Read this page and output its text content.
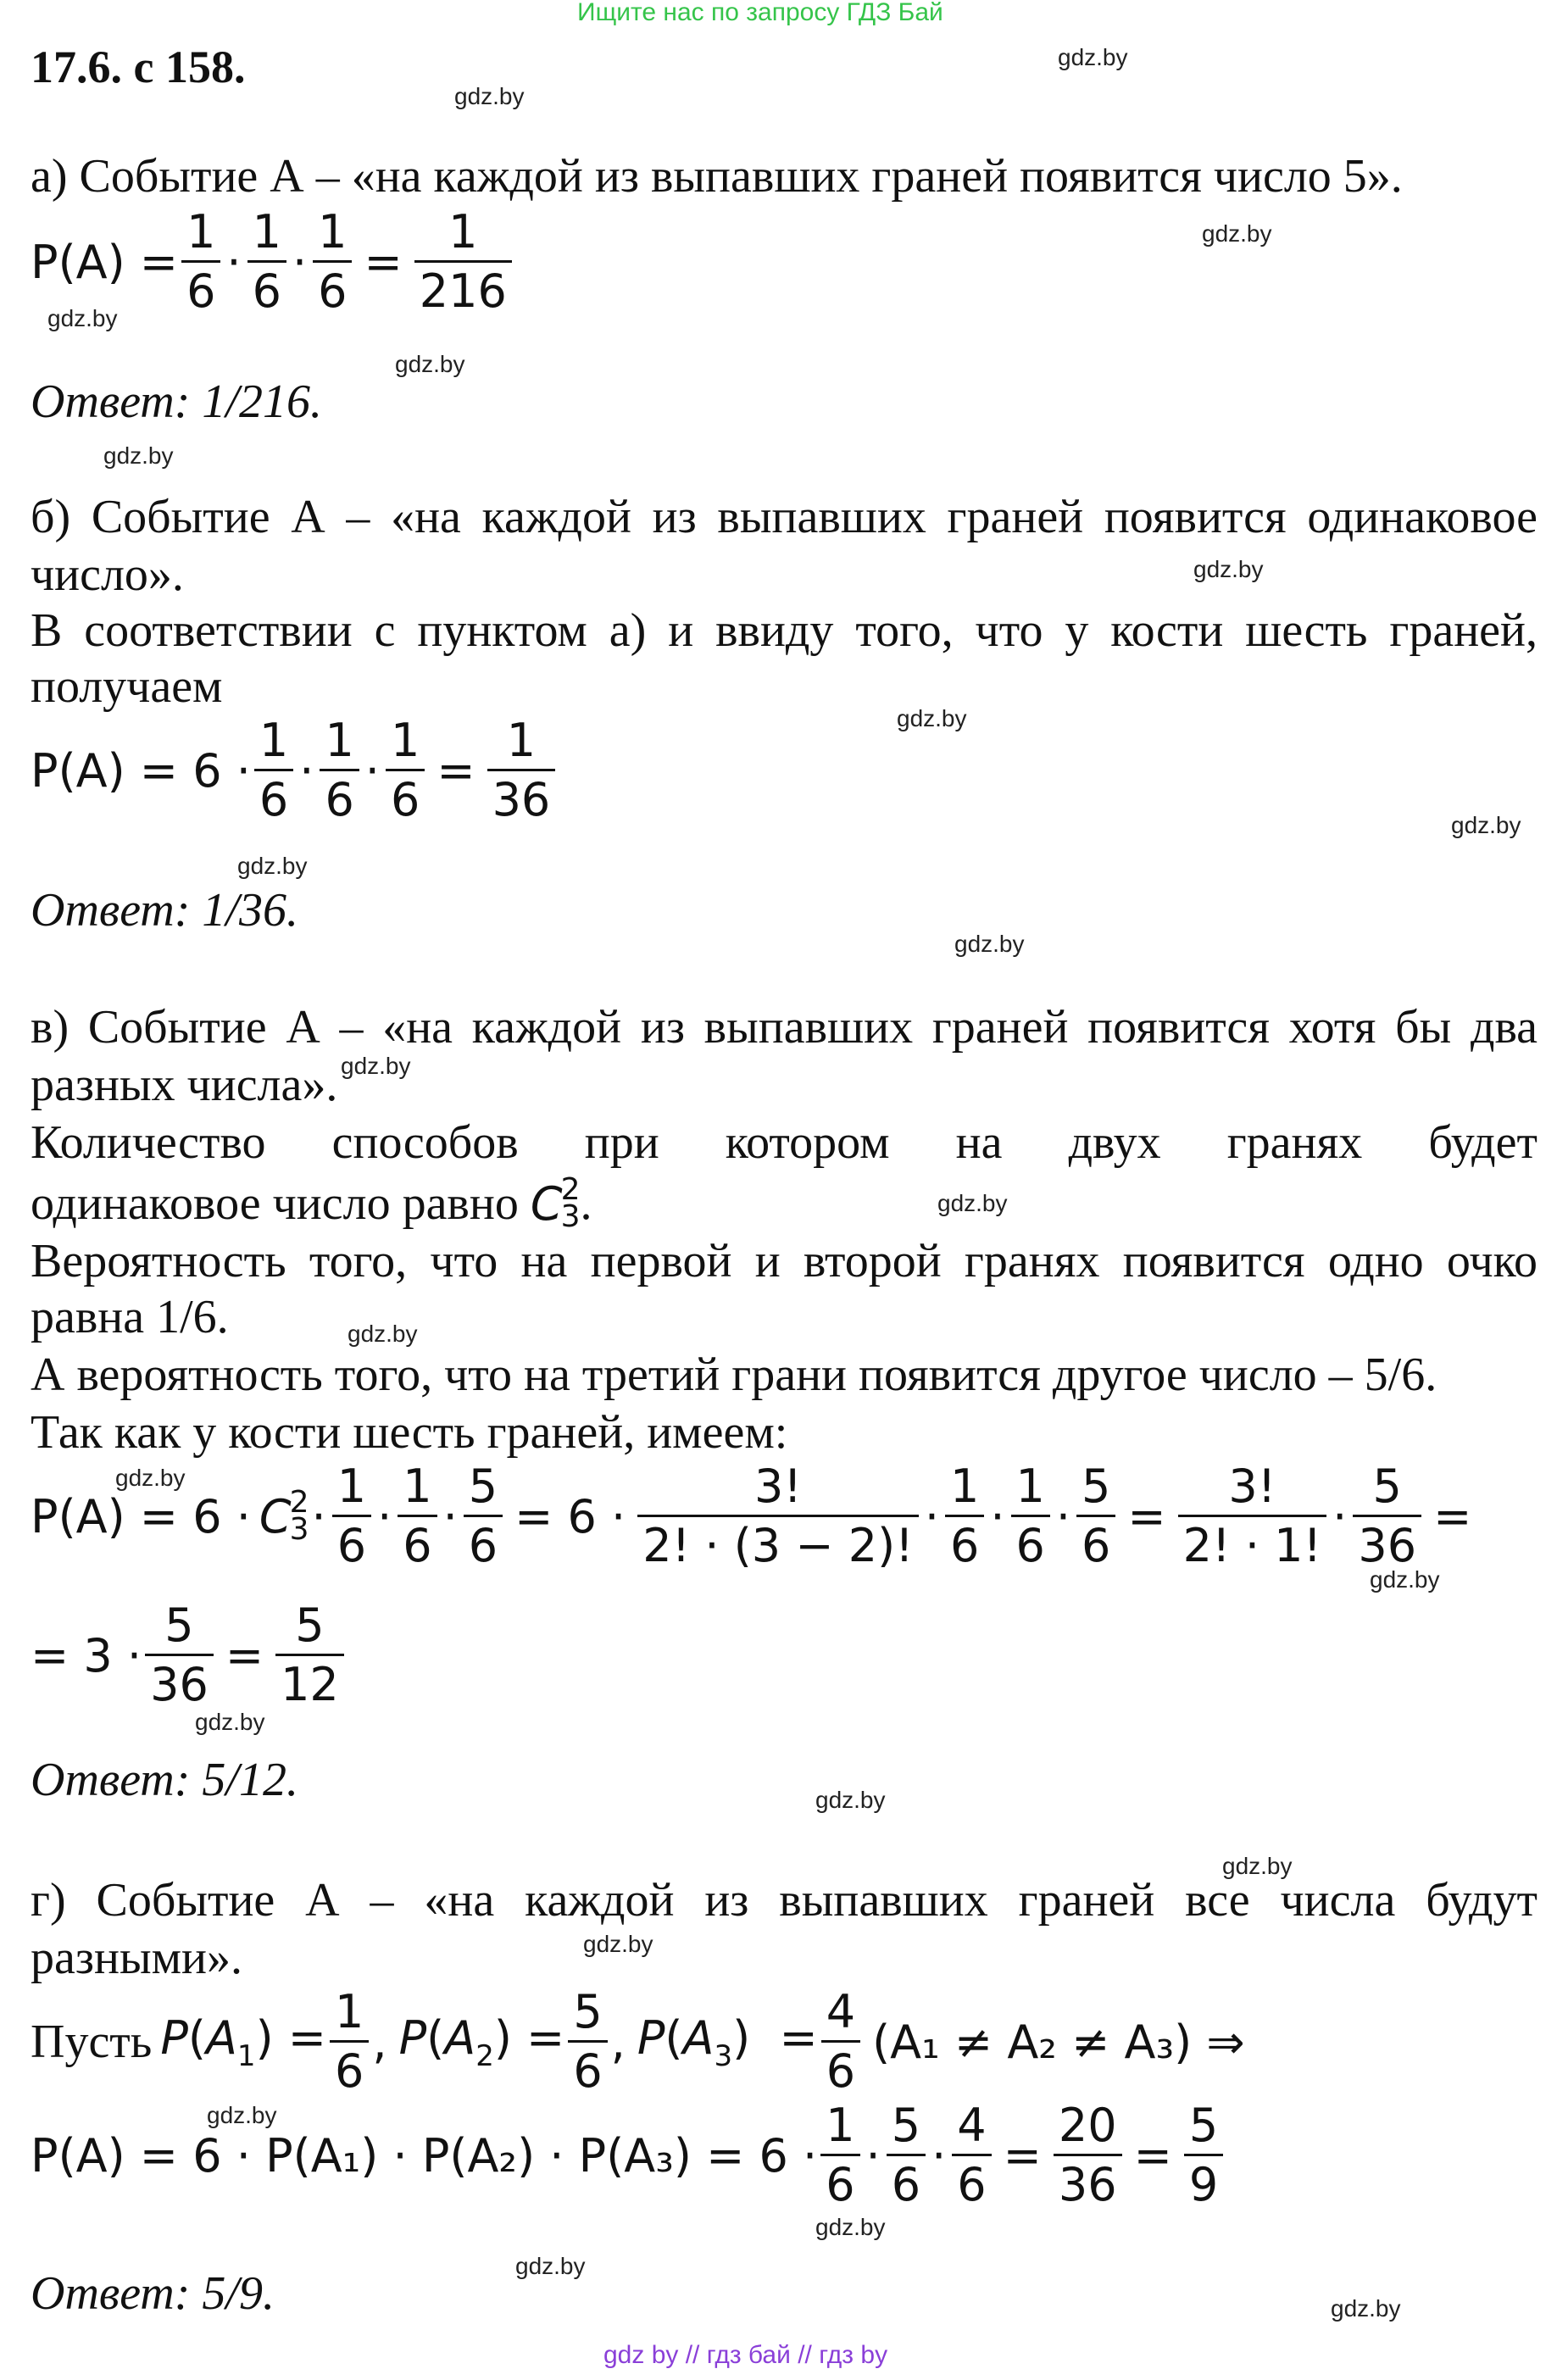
Ищите нас по запросу ГДЗ Бай
17.6. с 158.	gdz.by
gdz.by
gdz.by
gdz.by
gdz.by
gdz.by
gdz.by
gdz.by
gdz.by
gdz.by
gdz.by
gdz.by
gdz.by
gdz.by
gdz.by
gdz.by
gdz.by
gdz.by
gdz.by
gdz.by
gdz.by
gdz.by
gdz.by
gdz.by
а) Событие А – «на каждой из выпавших граней появится число 5».
$P(A) = \frac{1}{6} \cdot \frac{1}{6} \cdot \frac{1}{6} = \frac{1}{216}$
Ответ: 1/216.
б) Событие А – «на каждой из выпавших граней появится одинаковое
число».
В соответствии с пунктом а) и ввиду того, что у кости шесть граней,
получаем
$P(A) = 6 \cdot \frac{1}{6} \cdot \frac{1}{6} \cdot \frac{1}{6} = \frac{1}{36}$
Ответ: 1/36.
в) Событие А – «на каждой из выпавших граней появится хотя бы два
разных числа».
Количество способов при котором на двух гранях будет
одинаковое число равно C
2
3 .
Вероятность того, что на первой и второй гранях появится одно очко
равна 1/6.
А вероятность того, что на третий грани появится другое число – 5/6.
Так как у кости шесть граней, имеем:
P(A) = 6 · C
2
$3 \cdot \frac{1}{6} \cdot \frac{1}{6} \cdot \frac{5}{6} = 6 \cdot \frac{3!}{2! \cdot (3 - 2)!} \cdot \frac{1}{6} \cdot \frac{1}{6} \cdot \frac{5}{6} = \frac{3!}{2! \cdot 1!} \cdot \frac{5}{36}$ =
= $3 \cdot \frac{5}{36} = \frac{5}{12}$
Ответ: 5/12.
г) Событие А – «на каждой из выпавших граней все числа будут
разными».
Пусть $P(A_1) = \frac{1}{6}$ , $P(A_2) = \frac{5}{6}$ , $P(A_3) = \frac{4}{6} (A_1 \ne A_2 \ne A_3)$ ⇒
$P(A) = 6 \cdot P(A_1) \cdot P(A_2) \cdot P(A_3) = 6 \cdot \frac{1}{6} \cdot \frac{5}{6} \cdot \frac{4}{6} = \frac{20}{36} = \frac{5}{9}$
Ответ: 5/9.
gdz by // гдз бай // гдз by
